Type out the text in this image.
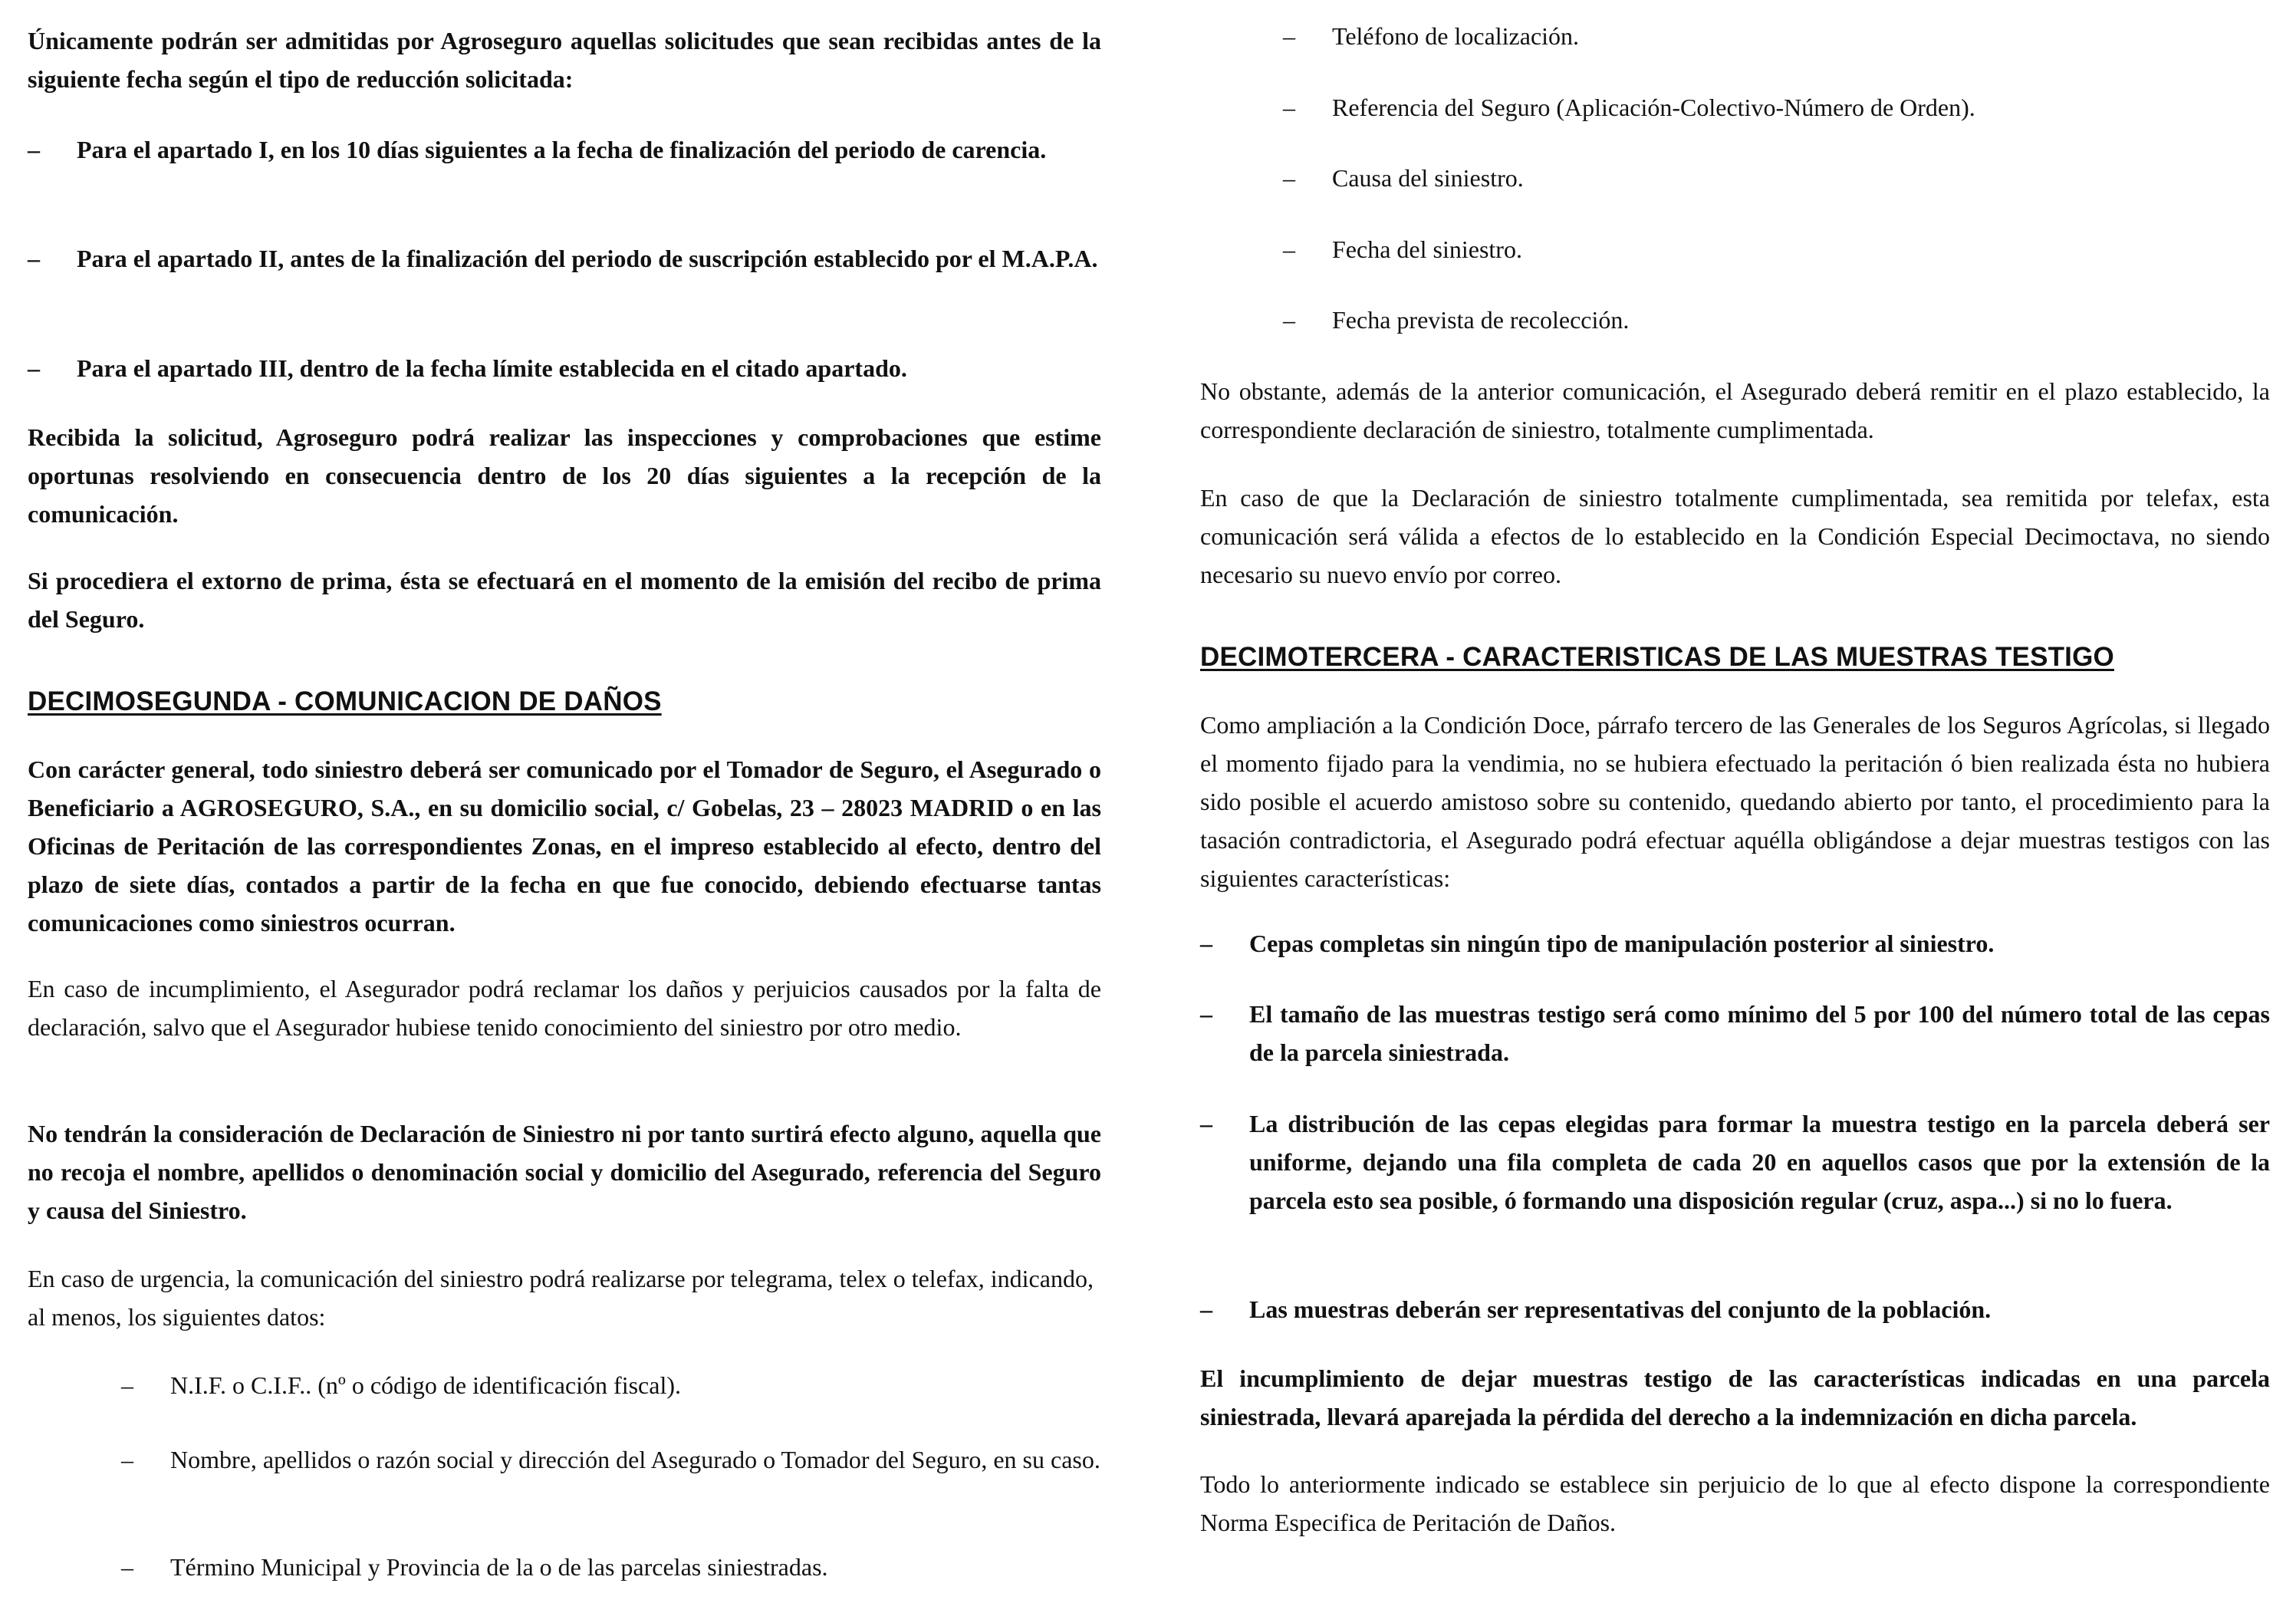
Únicamente podrán ser admitidas por Agroseguro aquellas solicitudes que sean recibidas antes de la siguiente fecha según el tipo de reducción solicitada:

–	Para el apartado I, en los 10 días siguientes a la fecha de finalización del periodo de carencia.
–	Para el apartado II, antes de la finalización del periodo de suscripción establecido por el M.A.P.A.
–	Para el apartado III, dentro de la fecha límite establecida en el citado apartado.

Recibida la solicitud, Agroseguro podrá realizar las inspecciones y comprobaciones que estime oportunas resolviendo en consecuencia dentro de los 20 días siguientes a la recepción de la comunicación.

Si procediera el extorno de prima, ésta se efectuará en el momento de la emisión del recibo de prima del Seguro.

DECIMOSEGUNDA - COMUNICACION DE DAÑOS

Con carácter general, todo siniestro deberá ser comunicado por el Tomador de Seguro, el Asegurado o Beneficiario a AGROSEGURO, S.A., en su domicilio social, c/ Gobelas, 23 – 28023 MADRID o en las Oficinas de Peritación de las correspondientes Zonas, en el impreso establecido al efecto, dentro del plazo de siete días, contados a partir de la fecha en que fue conocido, debiendo efectuarse tantas comunicaciones como siniestros ocurran.

En caso de incumplimiento, el Asegurador podrá reclamar los daños y perjuicios causados por la falta de declaración, salvo que el Asegurador hubiese tenido conocimiento del siniestro por otro medio.

No tendrán la consideración de Declaración de Siniestro ni por tanto surtirá efecto alguno, aquella que no recoja el nombre, apellidos o denominación social y domicilio del Asegurado, referencia del Seguro y causa del Siniestro.

En caso de urgencia, la comunicación del siniestro podrá realizarse por telegrama, telex o telefax, indicando, al menos, los siguientes datos:

–	N.I.F. o C.I.F.. (nº o código de identificación fiscal).
–	Nombre, apellidos o razón social y dirección del Asegurado o Tomador del Seguro, en su caso.
–	Término Municipal y Provincia de la o de las parcelas siniestradas.
–	Teléfono de localización.
–	Referencia del Seguro (Aplicación-Colectivo-Número de Orden).
–	Causa del siniestro.
–	Fecha del siniestro.
–	Fecha prevista de recolección.

No obstante, además de la anterior comunicación, el Asegurado deberá remitir en el plazo establecido, la correspondiente declaración de siniestro, totalmente cumplimentada.

En caso de que la Declaración de siniestro totalmente cumplimentada, sea remitida por telefax, esta comunicación será válida a efectos de lo establecido en la Condición Especial Decimoctava, no siendo necesario su nuevo envío por correo.

DECIMOTERCERA - CARACTERISTICAS DE LAS MUESTRAS TESTIGO

Como ampliación a la Condición Doce, párrafo tercero de las Generales de los Seguros Agrícolas, si llegado el momento fijado para la vendimia, no se hubiera efectuado la peritación ó bien realizada ésta no hubiera sido posible el acuerdo amistoso sobre su contenido, quedando abierto por tanto, el procedimiento para la tasación contradictoria, el Asegurado podrá efectuar aquélla obligándose a dejar muestras testigos con las siguientes características:

–	Cepas completas sin ningún tipo de manipulación posterior al siniestro.
–	El tamaño de las muestras testigo será como mínimo del 5 por 100 del número total de las cepas de la parcela siniestrada.
–	La distribución de las cepas elegidas para formar la muestra testigo en la parcela deberá ser uniforme, dejando una fila completa de cada 20 en aquellos casos que por la extensión de la parcela esto sea posible, ó formando una disposición regular (cruz, aspa...) si no lo fuera.
–	Las muestras deberán ser representativas del conjunto de la población.

El incumplimiento de dejar muestras testigo de las características indicadas en una parcela siniestrada, llevará aparejada la pérdida del derecho a la indemnización en dicha parcela.

Todo lo anteriormente indicado se establece sin perjuicio de lo que al efecto dispone la correspondiente Norma Especifica de Peritación de Daños.
